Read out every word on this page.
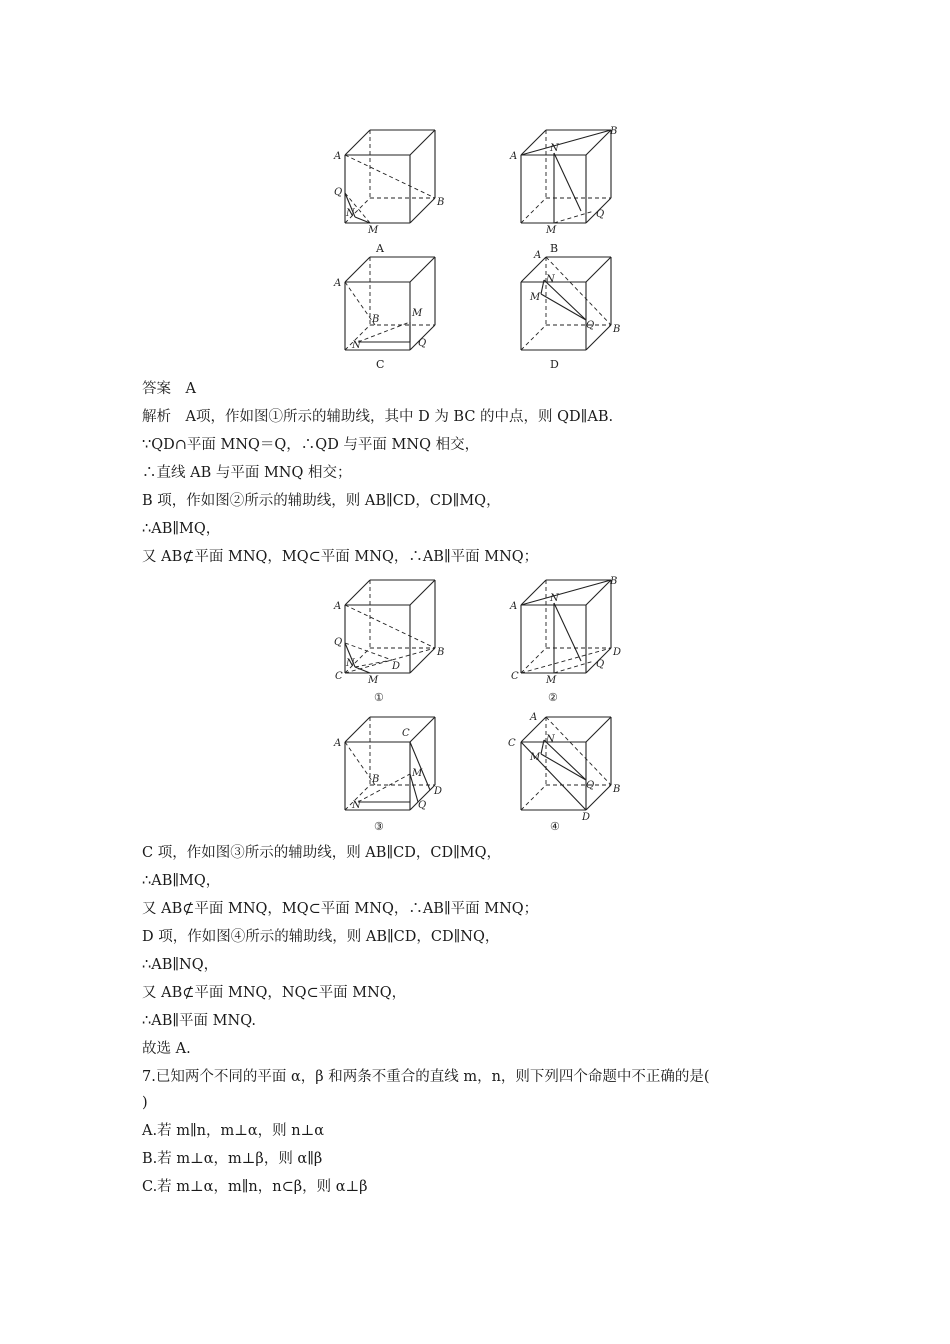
A
Q
N
M
B
A
A
N
B
M
Q
B
A
B
M
N	Q
C
A
N
M
Q B
D
答案　A
解析　A项，作如图①所示的辅助线，其中 D 为 BC 的中点，则 QD∥AB.
∵QD∩平面 MNQ＝Q，∴QD 与平面 MNQ 相交，
∴直线 AB 与平面 MNQ 相交；
B 项，作如图②所示的辅助线，则 AB∥CD，CD∥MQ，
∴AB∥MQ，
又 AB⊄平面 MNQ，MQ⊂平面 MNQ，∴AB∥平面 MNQ；
A
Q
N	D
B
C	M
①
A
N
B
D
C	M
Q
②
A
C
B
M
D
N	Q
③
A
C	N
M
Q B
D
④
C 项，作如图③所示的辅助线，则 AB∥CD，CD∥MQ，
∴AB∥MQ，
又 AB⊄平面 MNQ，MQ⊂平面 MNQ，∴AB∥平面 MNQ；
D 项，作如图④所示的辅助线，则 AB∥CD，CD∥NQ，
∴AB∥NQ，
又 AB⊄平面 MNQ，NQ⊂平面 MNQ，
∴AB∥平面 MNQ.
故选 A.
7.已知两个不同的平面 α，β 和两条不重合的直线 m，n，则下列四个命题中不正确的是(
)
A.若 m∥n，m⊥α，则 n⊥α
B.若 m⊥α，m⊥β，则 α∥β
C.若 m⊥α，m∥n，n⊂β，则 α⊥β
